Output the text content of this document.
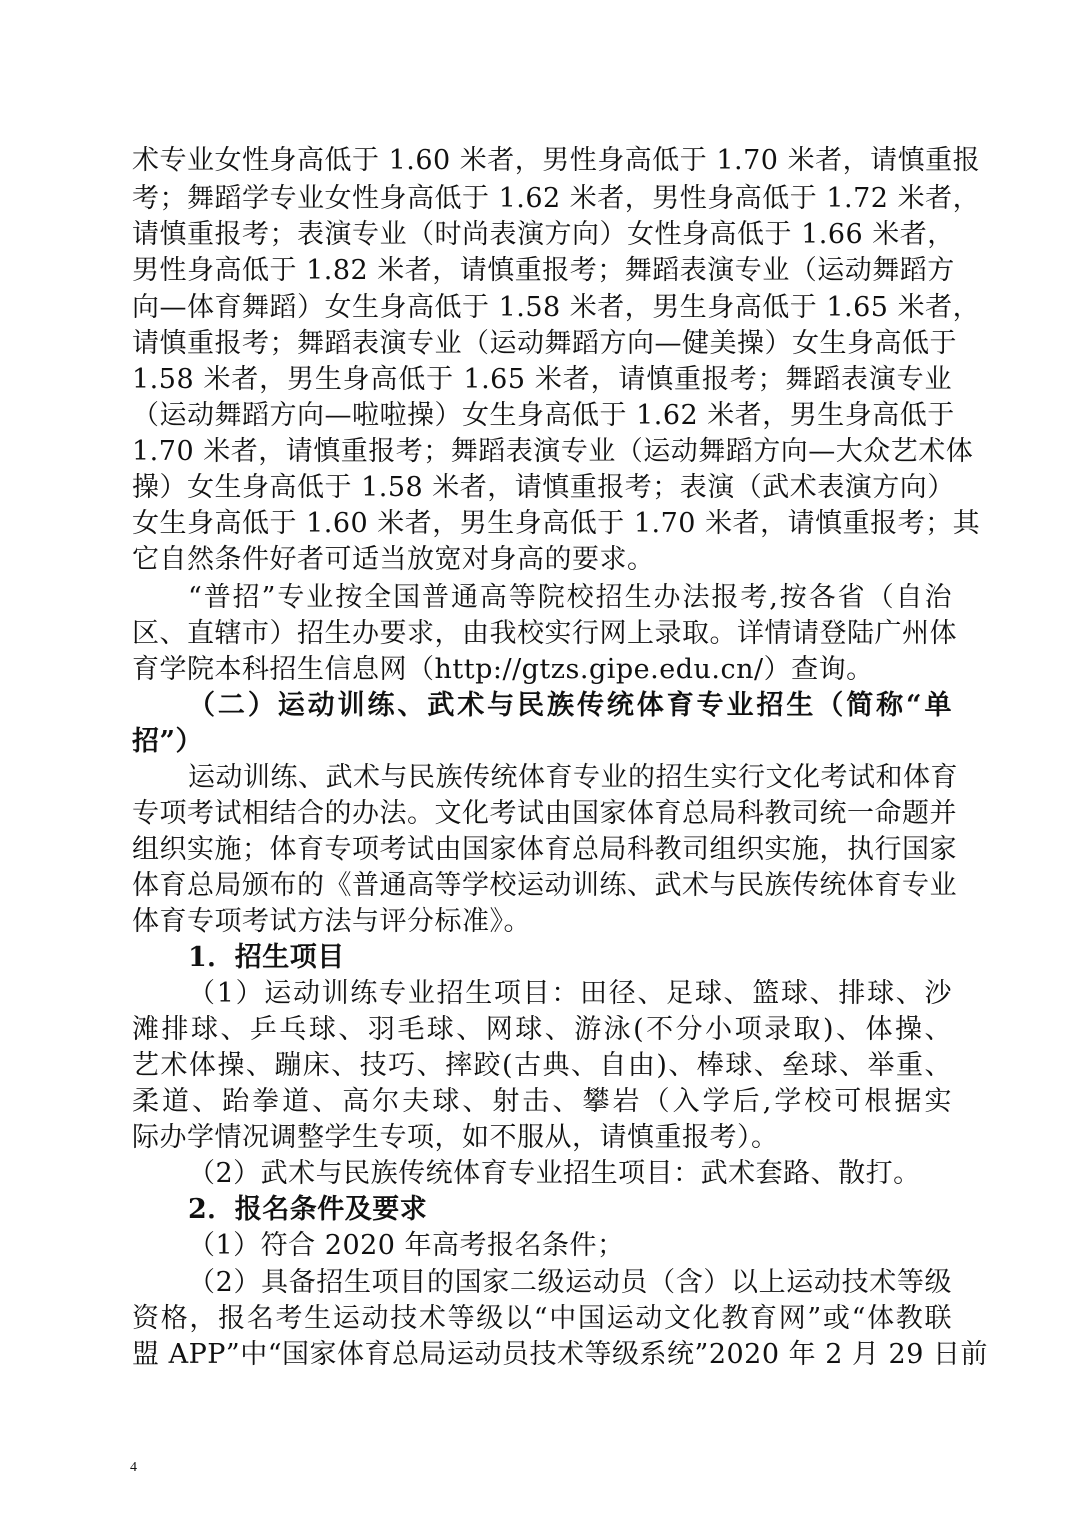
术专业女性身高低于 1.60 米者，男性身高低于 1.70 米者，请慎重报
考；舞蹈学专业女性身高低于 1.62 米者，男性身高低于 1.72 米者，
请慎重报考；表演专业（时尚表演方向）女性身高低于 1.66 米者，
男性身高低于 1.82 米者，请慎重报考；舞蹈表演专业（运动舞蹈方
向—体育舞蹈）女生身高低于 1.58 米者，男生身高低于 1.65 米者，
请慎重报考；舞蹈表演专业（运动舞蹈方向—健美操）女生身高低于
1.58 米者，男生身高低于 1.65 米者，请慎重报考；舞蹈表演专业
（运动舞蹈方向—啦啦操）女生身高低于 1.62 米者，男生身高低于
1.70 米者，请慎重报考；舞蹈表演专业（运动舞蹈方向—大众艺术体
操）女生身高低于 1.58 米者，请慎重报考；表演（武术表演方向）
女生身高低于 1.60 米者，男生身高低于 1.70 米者，请慎重报考；其
它自然条件好者可适当放宽对身高的要求。
“普招”专业按全国普通高等院校招生办法报考,按各省（自治
区、直辖市）招生办要求，由我校实行网上录取。详情请登陆广州体
育学院本科招生信息网（http://gtzs.gipe.edu.cn/）查询。
（二）运动训练、武术与民族传统体育专业招生（简称“单
招”）
运动训练、武术与民族传统体育专业的招生实行文化考试和体育
专项考试相结合的办法。文化考试由国家体育总局科教司统一命题并
组织实施；体育专项考试由国家体育总局科教司组织实施，执行国家
体育总局颁布的《普通高等学校运动训练、武术与民族传统体育专业
体育专项考试方法与评分标准》。
1．招生项目
（1）运动训练专业招生项目：田径、足球、篮球、排球、沙
滩排球、乒乓球、羽毛球、网球、游泳(不分小项录取)、体操、
艺术体操、蹦床、技巧、摔跤(古典、自由)、棒球、垒球、举重、
柔道、跆拳道、高尔夫球、射击、攀岩（入学后,学校可根据实
际办学情况调整学生专项，如不服从，请慎重报考）。
（2）武术与民族传统体育专业招生项目：武术套路、散打。
2．报名条件及要求
（1）符合 2020 年高考报名条件；
（2）具备招生项目的国家二级运动员（含）以上运动技术等级
资格，报名考生运动技术等级以“中国运动文化教育网”或“体教联
盟 APP”中“国家体育总局运动员技术等级系统”2020 年 2 月 29 日前
4
